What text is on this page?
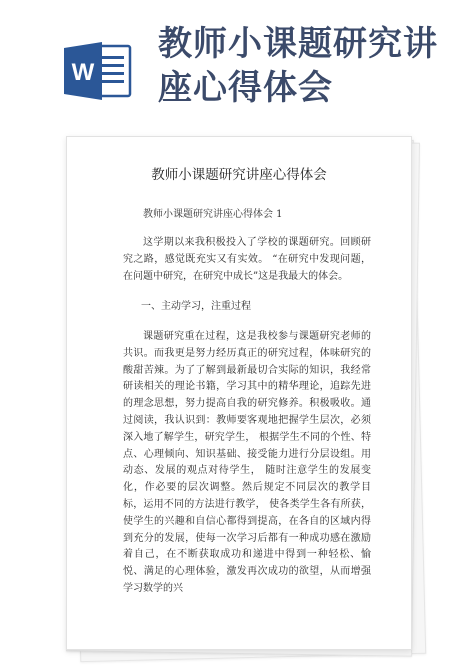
W
教师小课题研究讲座心得体会
教师小课题研究讲座心得体会
教师小课题研究讲座心得体会 1
这学期以来我积极投入了学校的课题研究。回顾研究之路，感觉既充实又有实效。 “在研究中发现问题，在问题中研究，在研究中成长”这是我最大的体会。
一、主动学习，注重过程
课题研究重在过程，这是我校参与课题研究老师的共识。而我更是努力经历真正的研究过程，体味研究的酸甜苦辣。为了了解到最新最切合实际的知识，我经常研读相关的理论书籍，学习其中的精华理论，追踪先进的理念思想，努力提高自我的研究修养。积极吸收。通过阅读，我认识到：教师要客观地把握学生层次，必须深入地了解学生，研究学生， 根据学生不同的个性、特点、心理倾向、知识基础、接受能力进行分层设组。用动态、发展的观点对待学生， 随时注意学生的发展变化，作必要的层次调整。然后规定不同层次的教学目标，运用不同的方法进行教学， 使各类学生各有所获，使学生的兴趣和自信心都得到提高，在各自的区域内得到充分的发展，使每一次学习后都有一种成功感在激励着自己，在不断获取成功和递进中得到一种轻松、愉悦、满足的心理体验，激发再次成功的欲望，从而增强学习数学的兴
